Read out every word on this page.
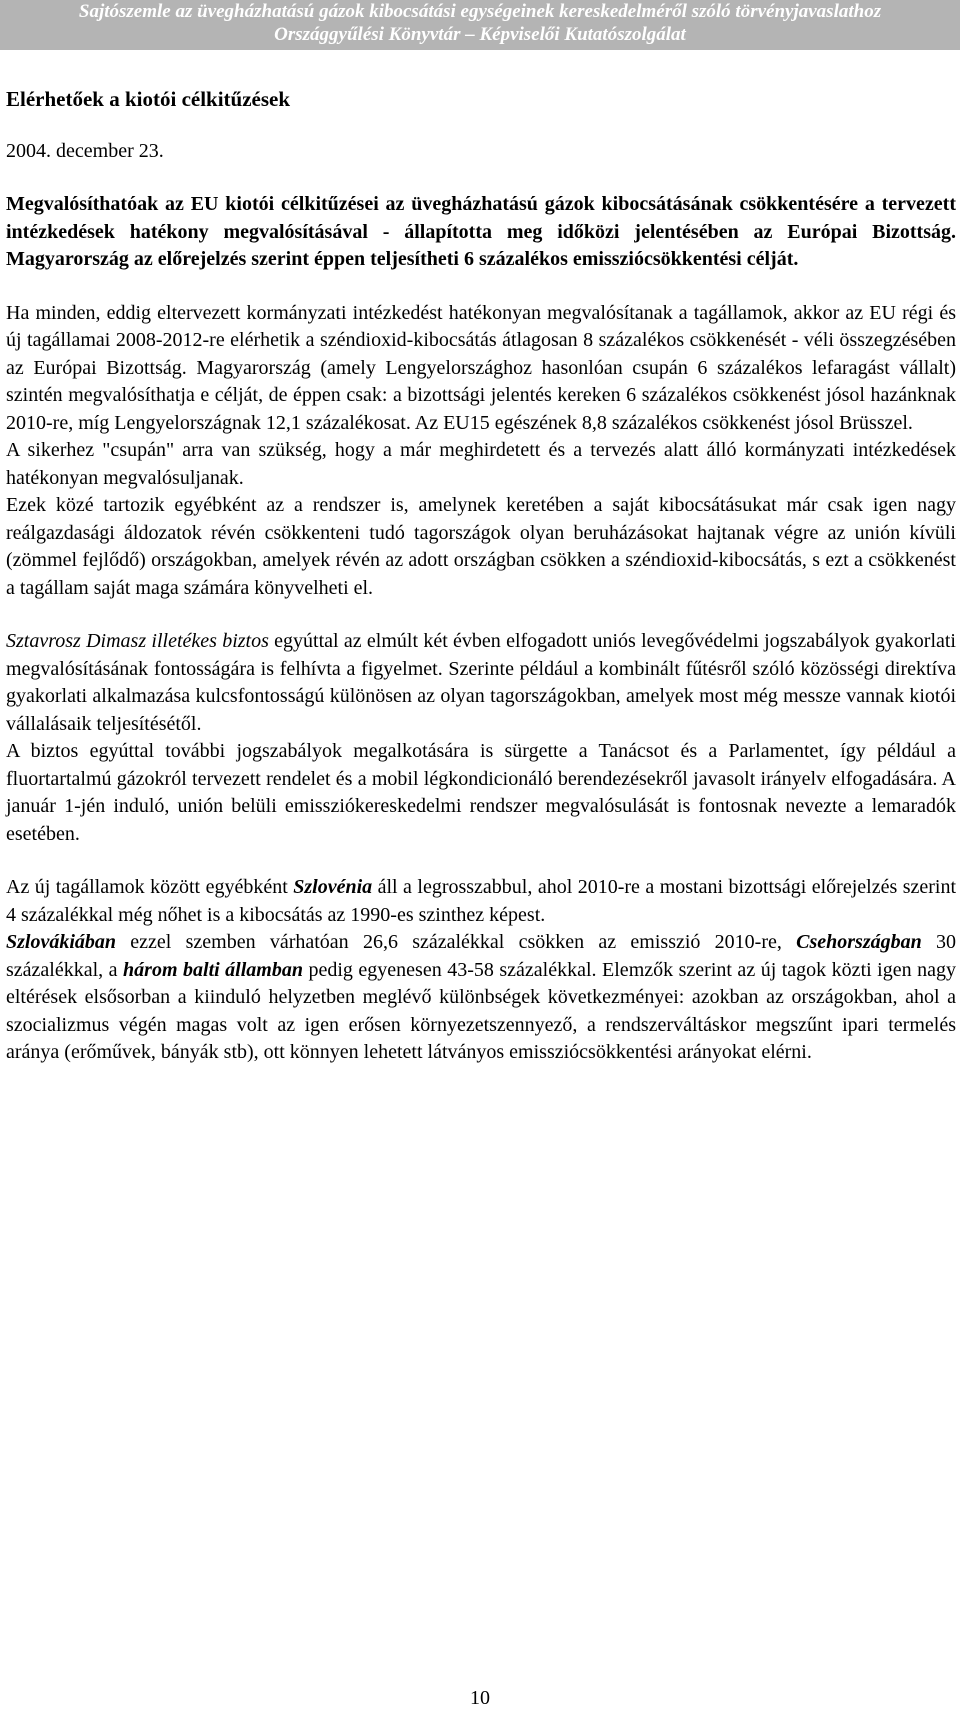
Sajtószemle az üvegházhatású gázok kibocsátási egységeinek kereskedelméről szóló törvényjavaslathoz
Országgyűlési Könyvtár – Képviselői Kutatószolgálat
Elérhetőek a kiotói célkitűzések
2004. december 23.

Megvalósíthatóak az EU kiotói célkitűzései az üvegházhatású gázok kibocsátásának csökkentésére a tervezett intézkedések hatékony megvalósításával - állapította meg időközi jelentésében az Európai Bizottság. Magyarország az előrejelzés szerint éppen teljesítheti 6 százalékos emissziócsökkentési célját.

Ha minden, eddig eltervezett kormányzati intézkedést hatékonyan megvalósítanak a tagállamok, akkor az EU régi és új tagállamai 2008-2012-re elérhetik a széndioxid-kibocsátás átlagosan 8 százalékos csökkenését - véli összegzésében az Európai Bizottság. Magyarország (amely Lengyelországhoz hasonlóan csupán 6 százalékos lefaragást vállalt) szintén megvalósíthatja e célját, de éppen csak: a bizottsági jelentés kereken 6 százalékos csökkenést jósol hazánknak 2010-re, míg Lengyelországnak 12,1 százalékosat. Az EU15 egészének 8,8 százalékos csökkenést jósol Brüsszel.

A sikerhez "csupán" arra van szükség, hogy a már meghirdetett és a tervezés alatt álló kormányzati intézkedések hatékonyan megvalósuljanak.

Ezek közé tartozik egyébként az a rendszer is, amelynek keretében a saját kibocsátásukat már csak igen nagy reálgazdasági áldozatok révén csökkenteni tudó tagországok olyan beruházásokat hajtanak végre az unión kívüli (zömmel fejlődő) országokban, amelyek révén az adott országban csökken a széndioxid-kibocsátás, s ezt a csökkenést a tagállam saját maga számára könyvelheti el.

Sztavrosz Dimasz illetékes biztos egyúttal az elmúlt két évben elfogadott uniós levegővédelmi jogszabályok gyakorlati megvalósításának fontosságára is felhívta a figyelmet. Szerinte például a kombinált fűtésről szóló közösségi direktíva gyakorlati alkalmazása kulcsfontosságú különösen az olyan tagországokban, amelyek most még messze vannak kiotói vállalásaik teljesítésétől.

A biztos egyúttal további jogszabályok megalkotására is sürgette a Tanácsot és a Parlamentet, így például a fluortartalmú gázokról tervezett rendelet és a mobil légkondicionáló berendezésekről javasolt irányelv elfogadására. A január 1-jén induló, unión belüli emissziókereskedelmi rendszer megvalósulását is fontosnak nevezte a lemaradók esetében.

Az új tagállamok között egyébként Szlovénia áll a legrosszabbul, ahol 2010-re a mostani bizottsági előrejelzés szerint 4 százalékkal még nőhet is a kibocsátás az 1990-es szinthez képest.

Szlovákiában ezzel szemben várhatóan 26,6 százalékkal csökken az emisszió 2010-re, Csehországban 30 százalékkal, a három balti államban pedig egyenesen 43-58 százalékkal. Elemzők szerint az új tagok közti igen nagy eltérések elsősorban a kiinduló helyzetben meglévő különbségek következményei: azokban az országokban, ahol a szocializmus végén magas volt az igen erősen környezetszennyező, a rendszerváltáskor megszűnt ipari termelés aránya (erőművek, bányák stb), ott könnyen lehetett látványos emissziócsökkentési arányokat elérni.

10
